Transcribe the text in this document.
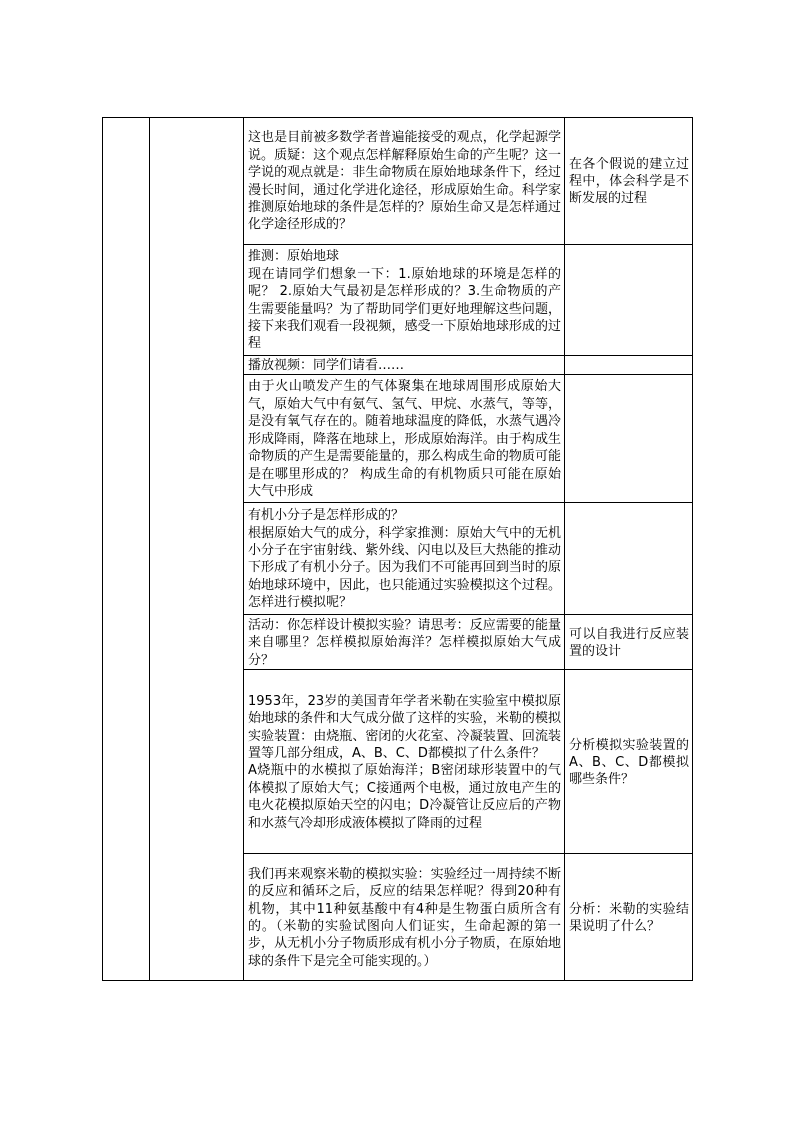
		这也是目前被多数学者普遍能接受的观点，化学起源学说。质疑：这个观点怎样解释原始生命的产生呢？这一学说的观点就是：非生命物质在原始地球条件下，经过漫长时间，通过化学进化途径，形成原始生命。科学家推测原始地球的条件是怎样的？原始生命又是怎样通过化学途径形成的？	在各个假说的建立过程中，体会科学是不断发展的过程

		推测：原始地球
现在请同学们想象一下：1.原始地球的环境是怎样的呢？ 2.原始大气最初是怎样形成的？3.生命物质的产生需要能量吗？为了帮助同学们更好地理解这些问题，接下来我们观看一段视频，感受一下原始地球形成的过程	

		播放视频：同学们请看……	

		由于火山喷发产生的气体聚集在地球周围形成原始大气，原始大气中有氨气、氢气、甲烷、水蒸气，等等，是没有氧气存在的。随着地球温度的降低，水蒸气遇冷形成降雨，降落在地球上，形成原始海洋。由于构成生命物质的产生是需要能量的，那么构成生命的物质可能是在哪里形成的？ 构成生命的有机物质只可能在原始大气中形成	

		有机小分子是怎样形成的？
根据原始大气的成分，科学家推测：原始大气中的无机小分子在宇宙射线、紫外线、闪电以及巨大热能的推动下形成了有机小分子。因为我们不可能再回到当时的原始地球环境中，因此，也只能通过实验模拟这个过程。怎样进行模拟呢？	

		活动：你怎样设计模拟实验？请思考：反应需要的能量来自哪里？怎样模拟原始海洋？怎样模拟原始大气成分？	可以自我进行反应装置的设计

		1953年，23岁的美国青年学者米勒在实验室中模拟原始地球的条件和大气成分做了这样的实验，米勒的模拟实验装置：由烧瓶、密闭的火花室、冷凝装置、回流装置等几部分组成，A、B、C、D都模拟了什么条件？
A烧瓶中的水模拟了原始海洋；B密闭球形装置中的气体模拟了原始大气；C接通两个电极，通过放电产生的电火花模拟原始天空的闪电；D冷凝管让反应后的产物和水蒸气冷却形成液体模拟了降雨的过程	分析模拟实验装置的A、B、C、D都模拟哪些条件？

		我们再来观察米勒的模拟实验：实验经过一周持续不断的反应和循环之后，反应的结果怎样呢？得到20种有机物，其中11种氨基酸中有4种是生物蛋白质所含有的。（米勒的实验试图向人们证实，生命起源的第一步，从无机小分子物质形成有机小分子物质，在原始地球的条件下是完全可能实现的。）	分析：米勒的实验结果说明了什么？
